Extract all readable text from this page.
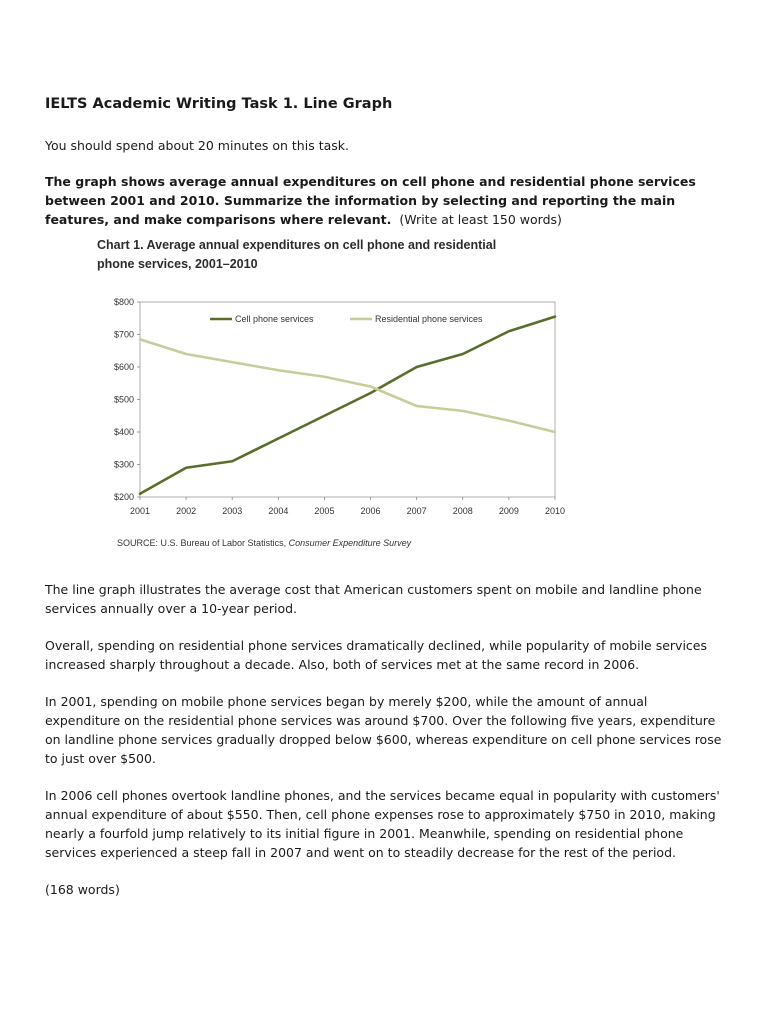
IELTS Academic Writing Task 1. Line Graph

You should spend about 20 minutes on this task.

The graph shows average annual expenditures on cell phone and residential phone services between 2001 and 2010. Summarize the information by selecting and reporting the main features, and make comparisons where relevant. (Write at least 150 words)

Chart 1. Average annual expenditures on cell phone and residential
phone services, 2001–2010
$200
$300
$400
$500
$600
$700
$800
2001	2002	2003	2004	2005	2006	2007	2008	2009	2010
Cell phone services	Residential phone services
SOURCE: U.S. Bureau of Labor Statistics, Consumer Expenditure Survey

The line graph illustrates the average cost that American customers spent on mobile and landline phone services annually over a 10-year period.

Overall, spending on residential phone services dramatically declined, while popularity of mobile services increased sharply throughout a decade. Also, both of services met at the same record in 2006.

In 2001, spending on mobile phone services began by merely $200, while the amount of annual expenditure on the residential phone services was around $700. Over the following five years, expenditure on landline phone services gradually dropped below $600, whereas expenditure on cell phone services rose to just over $500.

In 2006 cell phones overtook landline phones, and the services became equal in popularity with customers' annual expenditure of about $550. Then, cell phone expenses rose to approximately $750 in 2010, making nearly a fourfold jump relatively to its initial figure in 2001. Meanwhile, spending on residential phone services experienced a steep fall in 2007 and went on to steadily decrease for the rest of the period.

(168 words)
